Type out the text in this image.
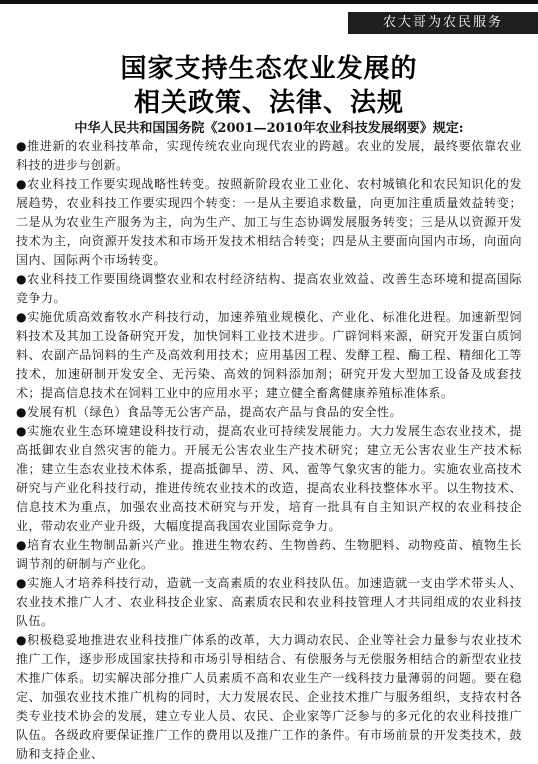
农大哥为农民服务
国家支持生态农业发展的
相关政策、法律、法规
中华人民共和国国务院《2001—2010年农业科技发展纲要》规定:

●推进新的农业科技革命，实现传统农业向现代农业的跨越。农业的发展，最终要依靠农业科技的进步与创新。

●农业科技工作要实现战略性转变。按照新阶段农业工业化、农村城镇化和农民知识化的发展趋势，农业科技工作要实现四个转变：一是从主要追求数量，向更加注重质量效益转变；二是从为农业生产服务为主，向为生产、加工与生态协调发展服务转变；三是从以资源开发技术为主，向资源开发技术和市场开发技术相结合转变；四是从主要面向国内市场，向面向国内、国际两个市场转变。

●农业科技工作要围绕调整农业和农村经济结构、提高农业效益、改善生态环境和提高国际竞争力。

●实施优质高效畜牧水产科技行动，加速养殖业规模化、产业化、标准化进程。加速新型饲料技术及其加工设备研究开发，加快饲料工业技术进步。广辟饲料来源，研究开发蛋白质饲料、农副产品饲料的生产及高效利用技术；应用基因工程、发酵工程、酶工程、精细化工等技术，加速研制开发安全、无污染、高效的饲料添加剂；研究开发大型加工设备及成套技术；提高信息技术在饲料工业中的应用水平；建立健全畜禽健康养殖标准体系。

●发展有机（绿色）食品等无公害产品，提高农产品与食品的安全性。

●实施农业生态环境建设科技行动，提高农业可持续发展能力。大力发展生态农业技术，提高抵御农业自然灾害的能力。开展无公害农业生产技术研究；建立无公害农业生产技术标准；建立生态农业技术体系，提高抵御旱、涝、风、雹等气象灾害的能力。实施农业高技术研究与产业化科技行动，推进传统农业技术的改造，提高农业科技整体水平。以生物技术、信息技术为重点，加强农业高技术研究与开发，培育一批具有自主知识产权的农业科技企业，带动农业产业升级，大幅度提高我国农业国际竞争力。

●培育农业生物制品新兴产业。推进生物农药、生物兽药、生物肥料、动物疫苗、植物生长调节剂的研制与产业化。

●实施人才培养科技行动，造就一支高素质的农业科技队伍。加速造就一支由学术带头人、农业技术推广人才、农业科技企业家、高素质农民和农业科技管理人才共同组成的农业科技队伍。

●积极稳妥地推进农业科技推广体系的改革，大力调动农民、企业等社会力量参与农业技术推广工作，逐步形成国家扶持和市场引导相结合、有偿服务与无偿服务相结合的新型农业技术推广体系。切实解决部分推广人员素质不高和农业生产一线科技力量薄弱的问题。要在稳定、加强农业技术推广机构的同时，大力发展农民、企业技术推广与服务组织，支持农村各类专业技术协会的发展，建立专业人员、农民、企业家等广泛参与的多元化的农业科技推广队伍。各级政府要保证推广工作的费用以及推广工作的条件。有市场前景的开发类技术，鼓励和支持企业、
